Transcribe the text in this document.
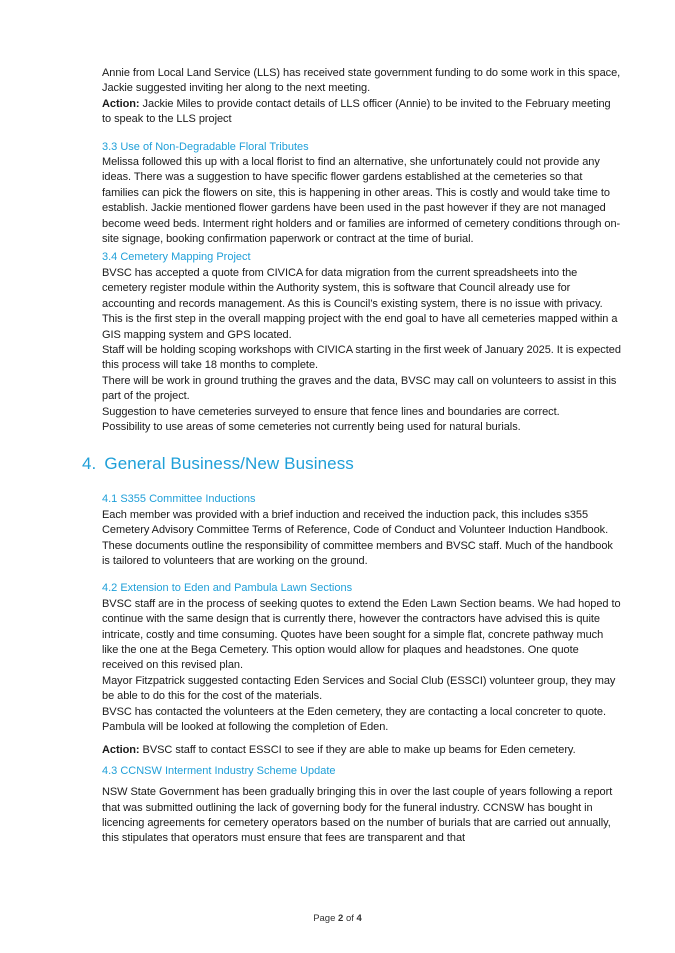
Annie from Local Land Service (LLS) has received state government funding to do some work in this space, Jackie suggested inviting her along to the next meeting.

Action: Jackie Miles to provide contact details of LLS officer (Annie) to be invited to the February meeting to speak to the LLS project

3.3 Use of Non-Degradable Floral Tributes

Melissa followed this up with a local florist to find an alternative, she unfortunately could not provide any ideas. There was a suggestion to have specific flower gardens established at the cemeteries so that families can pick the flowers on site, this is happening in other areas. This is costly and would take time to establish. Jackie mentioned flower gardens have been used in the past however if they are not managed become weed beds. Interment right holders and or families are informed of cemetery conditions through on-site signage, booking confirmation paperwork or contract at the time of burial.

3.4 Cemetery Mapping Project

BVSC has accepted a quote from CIVICA for data migration from the current spreadsheets into the cemetery register module within the Authority system, this is software that Council already use for accounting and records management. As this is Council’s existing system, there is no issue with privacy.

This is the first step in the overall mapping project with the end goal to have all cemeteries mapped within a GIS mapping system and GPS located.

Staff will be holding scoping workshops with CIVICA starting in the first week of January 2025. It is expected this process will take 18 months to complete.

There will be work in ground truthing the graves and the data, BVSC may call on volunteers to assist in this part of the project.

Suggestion to have cemeteries surveyed to ensure that fence lines and boundaries are correct.

Possibility to use areas of some cemeteries not currently being used for natural burials.

4. General Business/New Business
4.1 S355 Committee Inductions

Each member was provided with a brief induction and received the induction pack, this includes s355 Cemetery Advisory Committee Terms of Reference, Code of Conduct and Volunteer Induction Handbook. These documents outline the responsibility of committee members and BVSC staff. Much of the handbook is tailored to volunteers that are working on the ground.

4.2 Extension to Eden and Pambula Lawn Sections

BVSC staff are in the process of seeking quotes to extend the Eden Lawn Section beams. We had hoped to continue with the same design that is currently there, however the contractors have advised this is quite intricate, costly and time consuming. Quotes have been sought for a simple flat, concrete pathway much like the one at the Bega Cemetery. This option would allow for plaques and headstones. One quote received on this revised plan.

Mayor Fitzpatrick suggested contacting Eden Services and Social Club (ESSCI) volunteer group, they may be able to do this for the cost of the materials.

BVSC has contacted the volunteers at the Eden cemetery, they are contacting a local concreter to quote.

Pambula will be looked at following the completion of Eden.

Action: BVSC staff to contact ESSCI to see if they are able to make up beams for Eden cemetery.

4.3 CCNSW Interment Industry Scheme Update

NSW State Government has been gradually bringing this in over the last couple of years following a report that was submitted outlining the lack of governing body for the funeral industry. CCNSW has bought in licencing agreements for cemetery operators based on the number of burials that are carried out annually, this stipulates that operators must ensure that fees are transparent and that

Page 2 of 4
